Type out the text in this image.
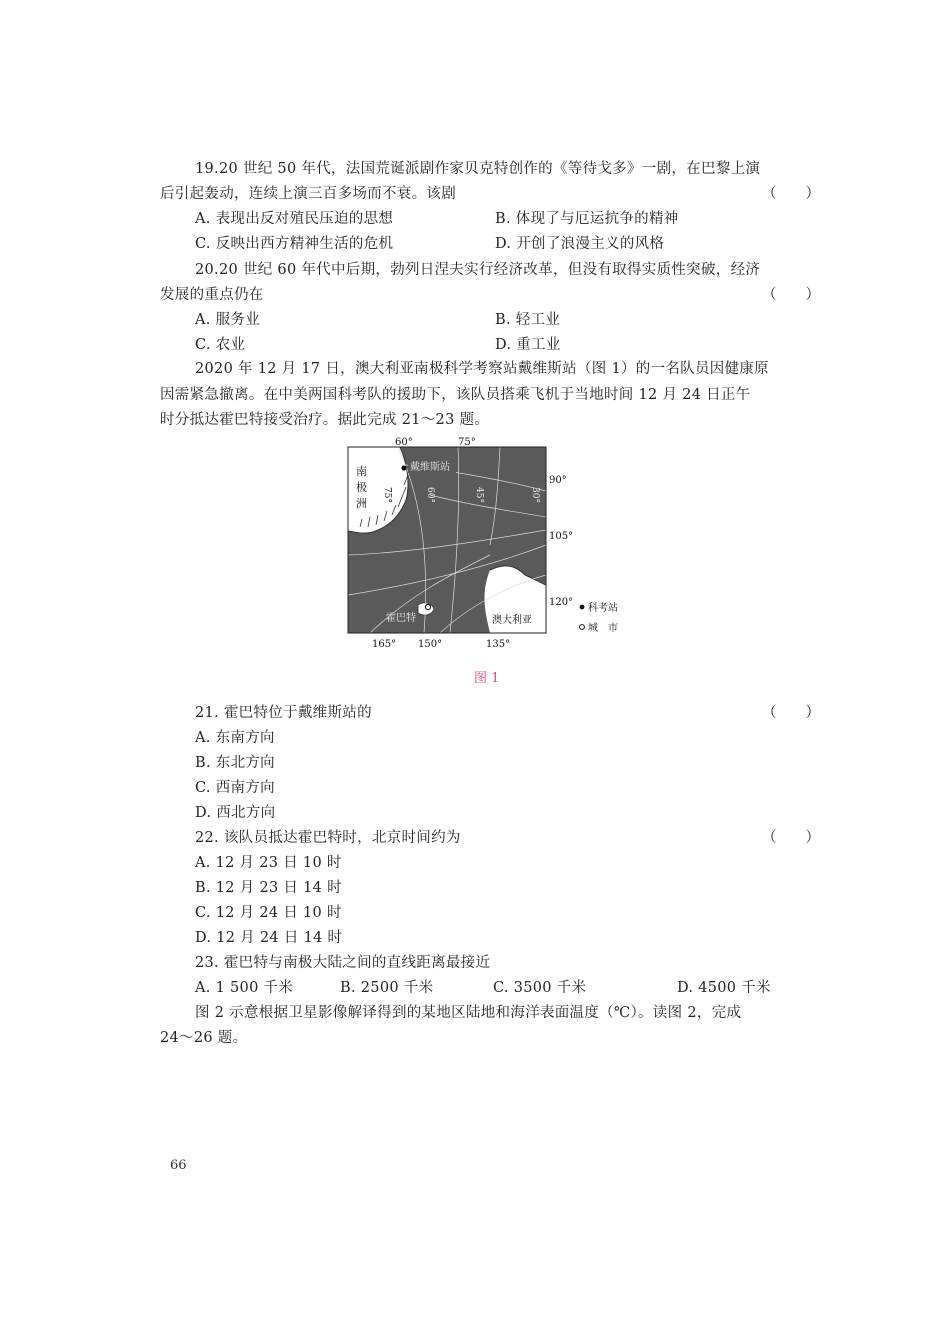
19.20 世纪 50 年代，法国荒诞派剧作家贝克特创作的《等待戈多》一剧，在巴黎上演
后引起轰动，连续上演三百多场而不衰。该剧	（　　）
A. 表现出反对殖民压迫的思想	B. 体现了与厄运抗争的精神
C. 反映出西方精神生活的危机	D. 开创了浪漫主义的风格
20.20 世纪 60 年代中后期，勃列日涅夫实行经济改革，但没有取得实质性突破，经济
发展的重点仍在	（　　）
A. 服务业	B. 轻工业
C. 农业	D. 重工业
2020 年 12 月 17 日，澳大利亚南极科学考察站戴维斯站（图 1）的一名队员因健康原
因需紧急撤离。在中美两国科考队的援助下，该队员搭乘飞机于当地时间 12 月 24 日正午
时分抵达霍巴特接受治疗。据此完成 21～23 题。
60°	75°
90°
105°
120°
165° 150°	135°
75°	60°	45°	30°
南
极
洲
戴维斯站
霍巴特	澳大利亚
科考站
城　市
图 1
21. 霍巴特位于戴维斯站的	（　　）
A. 东南方向
B. 东北方向
C. 西南方向
D. 西北方向
22. 该队员抵达霍巴特时，北京时间约为	（　　）
A. 12 月 23 日 10 时
B. 12 月 23 日 14 时
C. 12 月 24 日 10 时
D. 12 月 24 日 14 时
23. 霍巴特与南极大陆之间的直线距离最接近
A. 1 500 千米	B. 2500 千米	C. 3500 千米	D. 4500 千米
图 2 示意根据卫星影像解译得到的某地区陆地和海洋表面温度（℃）。读图 2，完成
24～26 题。
66
